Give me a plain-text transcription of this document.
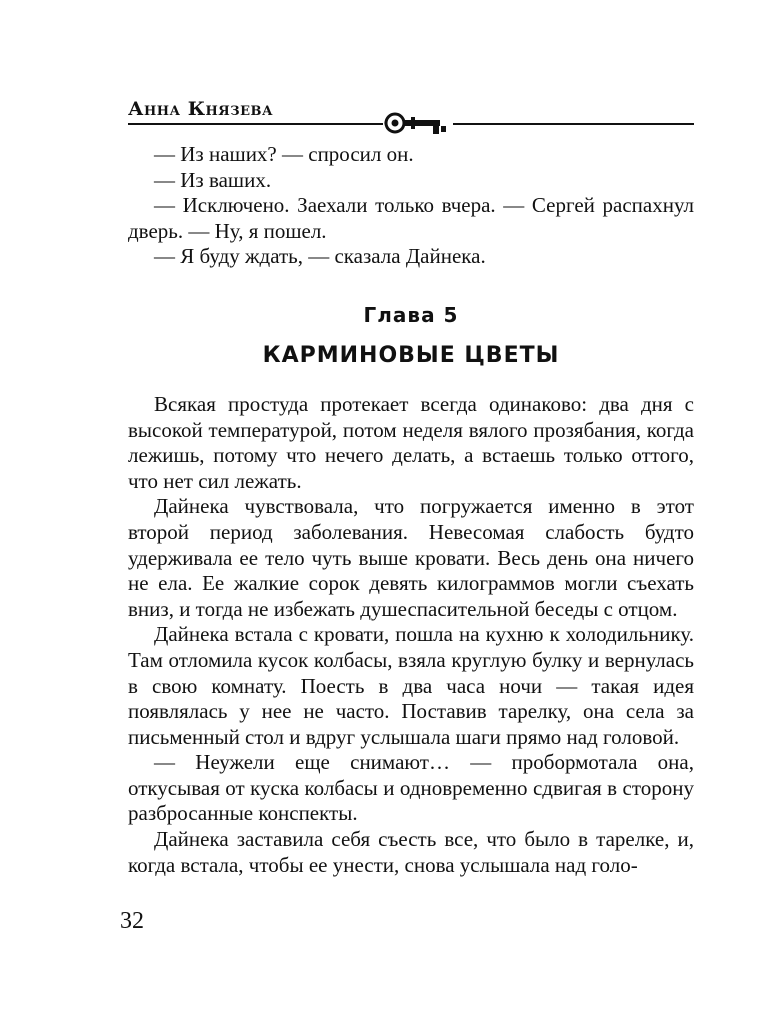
Анна Князева

— Из наших? — спросил он.

— Из ваших.

— Исключено. Заехали только вчера. — Сергей распахнул дверь. — Ну, я пошел.

— Я буду ждать, — сказала Дайнека.

Глава 5
КАРМИНОВЫЕ ЦВЕТЫ

Всякая простуда протекает всегда одинаково: два дня с высокой температурой, потом неделя вялого прозябания, когда лежишь, потому что нечего делать, а встаешь только оттого, что нет сил лежать.

Дайнека чувствовала, что погружается именно в этот второй период заболевания. Невесомая слабость будто удерживала ее тело чуть выше кровати. Весь день она ничего не ела. Ее жалкие сорок девять килограммов могли съехать вниз, и тогда не избежать душеспасительной беседы с отцом.

Дайнека встала с кровати, пошла на кухню к холодильнику. Там отломила кусок колбасы, взяла круглую булку и вернулась в свою комнату. Поесть в два часа ночи — такая идея появлялась у нее не часто. Поставив тарелку, она села за письменный стол и вдруг услышала шаги прямо над головой.

— Неужели еще снимают… — пробормотала она, откусывая от куска колбасы и одновременно сдвигая в сторону разбросанные конспекты.

Дайнека заставила себя съесть все, что было в тарелке, и, когда встала, чтобы ее унести, снова услышала над голо-

32
